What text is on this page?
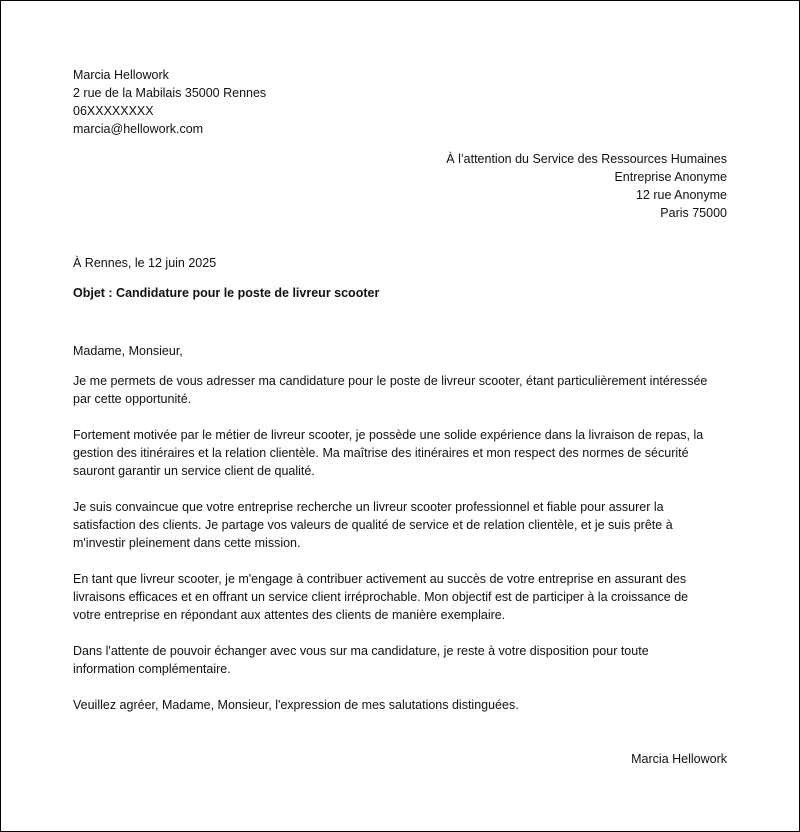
Marcia Hellowork
2 rue de la Mabilais 35000 Rennes
06XXXXXXXX
marcia@hellowork.com
À l’attention du Service des Ressources Humaines
Entreprise Anonyme
12 rue Anonyme
Paris 75000
À Rennes, le 12 juin 2025
Objet : Candidature pour le poste de livreur scooter
Madame, Monsieur,
Je me permets de vous adresser ma candidature pour le poste de livreur scooter, étant particulièrement intéressée
par cette opportunité.
Fortement motivée par le métier de livreur scooter, je possède une solide expérience dans la livraison de repas, la
gestion des itinéraires et la relation clientèle. Ma maîtrise des itinéraires et mon respect des normes de sécurité
sauront garantir un service client de qualité.
Je suis convaincue que votre entreprise recherche un livreur scooter professionnel et fiable pour assurer la
satisfaction des clients. Je partage vos valeurs de qualité de service et de relation clientèle, et je suis prête à
m'investir pleinement dans cette mission.
En tant que livreur scooter, je m'engage à contribuer activement au succès de votre entreprise en assurant des
livraisons efficaces et en offrant un service client irréprochable. Mon objectif est de participer à la croissance de
votre entreprise en répondant aux attentes des clients de manière exemplaire.
Dans l'attente de pouvoir échanger avec vous sur ma candidature, je reste à votre disposition pour toute
information complémentaire.
Veuillez agréer, Madame, Monsieur, l'expression de mes salutations distinguées.
Marcia Hellowork
